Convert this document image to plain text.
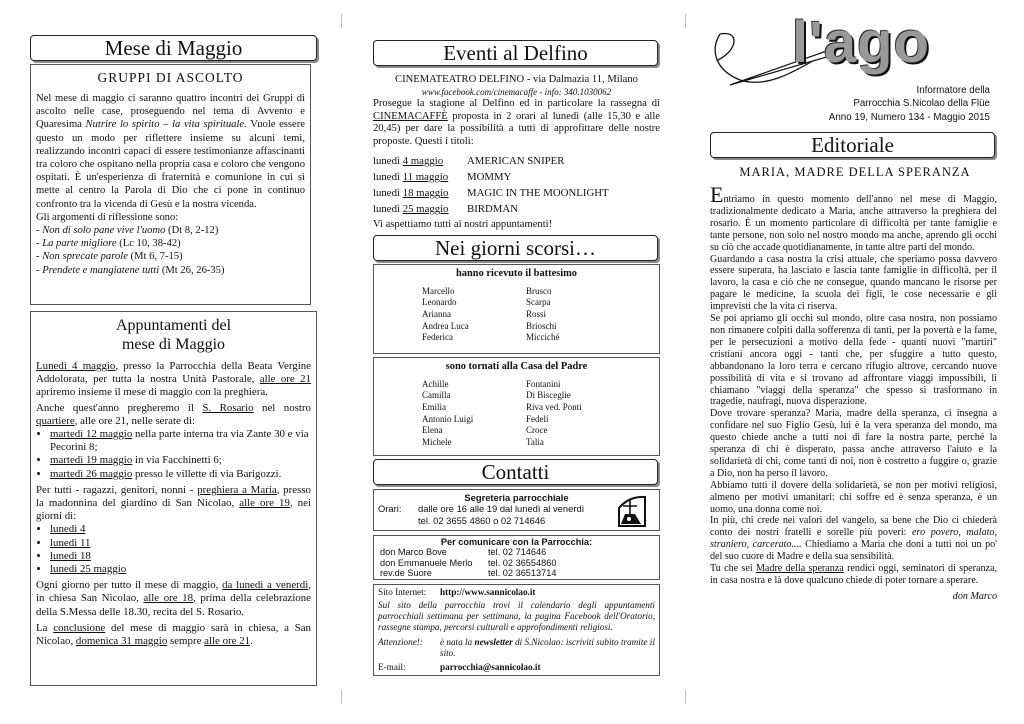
Mese di Maggio
GRUPPI DI ASCOLTO

Nel mese di maggio ci saranno quattro incontri dei Gruppi di ascolto nelle case, proseguendo nel tema di Avvento e Quaresima Nutrire lo spirito – la vita spirituale. Vuole essere questo un modo per riflettere insieme su alcuni temi, realizzando incontri capaci di essere testimonianze affascinanti tra coloro che ospitano nella propria casa e coloro che vengono ospitati. È un'esperienza di fraternità e comunione in cui si mette al centro la Parola di Dio che ci pone in continuo confronto tra la vicenda di Gesù e la nostra vicenda.

Gli argomenti di riflessione sono:

- Non di solo pane vive l'uomo (Dt 8, 2-12)
- La parte migliore (Lc 10, 38-42)
- Non sprecate parole (Mt 6, 7-15)
- Prendete e mangiatene tutti (Mt 26, 26-35)
Appuntamenti del
mese di Maggio

Lunedì 4 maggio, presso la Parrocchia della Beata Vergine Addolorata, per tutta la nostra Unità Pastorale, alle ore 21 apriremo insieme il mese di maggio con la preghiera.

Anche quest'anno pregheremo il S. Rosario nel nostro quartiere, alle ore 21, nelle serate di:

• martedì 12 maggio nella parte interna tra via Zante 30 e via Pecorini 8;
• martedì 19 maggio in via Facchinetti 6;
• martedì 26 maggio presso le villette di via Barigozzi.

Per tutti - ragazzi, genitori, nonni - preghiera a Maria, presso la madonnina del giardino di San Nicolao, alle ore 19, nei giorni di:

• lunedì 4
• lunedì 11
• lunedì 18
• lunedì 25 maggio

Ogni giorno per tutto il mese di maggio, da lunedì a venerdì, in chiesa San Nicolao, alle ore 18, prima della celebrazione della S.Messa delle 18.30, recita del S. Rosario.

La conclusione del mese di maggio sarà in chiesa, a San Nicolao, domenica 31 maggio sempre alle ore 21.

Eventi al Delfino
CINEMATEATRO DELFINO - via Dalmazia 11, Milano
www.facebook.com/cinemacaffe - info: 340.1030062

Prosegue la stagione al Delfino ed in particolare la rassegna di CINEMACAFFÈ proposta in 2 orari al lunedì (alle 15,30 e alle 20,45) per dare la possibilità a tutti di approfittare delle nostre proposte. Questi i titoli:

lunedì 4 maggio	AMERICAN SNIPER
lunedì 11 maggio	MOMMY
lunedì 18 maggio	MAGIC IN THE MOONLIGHT
lunedì 25 maggio	BIRDMAN
Vi aspettiamo tutti ai nostri appuntamenti!
Nei giorni scorsi…
hanno ricevuto il battesimo
Marcello	Brusco
Leonardo	Scarpa
Arianna	Rossi
Andrea Luca	Brioschi
Federica	Micciché
sono tornati alla Casa del Padre
Achille	Fontanini
Camilla	Di Bisceglie
Emilia	Riva ved. Ponti
Antonio Luigi	Fedeli
Elena	Croce
Michele	Talia
Contatti
Segreteria parrocchiale
Orari:	dalle ore 16 alle 19 dal lunedì al venerdì
tel. 02 3655 4860 o 02 714646
Per comunicare con la Parrocchia:
don Marco Bove	tel. 02 714646
don Emmanuele Merlo	tel. 02 36554860
rev.de Suore	tel. 02 36513714
Sito Internet: http://www.sannicolao.it

Sul sito della parrocchia trovi il calendario degli appuntamenti parrocchiali settimana per settimana, la pagina Facebook dell'Oratorio, rassegne stampa, percorsi culturali e approfondimenti religiosi.

Attenzione!:	è nata la newsletter di S.Nicolao: iscriviti subito tramite il sito.
E-mail:	parrocchia@sannicolao.it
l'ago
Informatore della
Parrocchia S.Nicolao della Flüe
Anno 19, Numero 134 - Maggio 2015
Editoriale
MARIA, MADRE DELLA SPERANZA

Entriamo in questo momento dell'anno nel mese di Maggio, tradizionalmente dedicato a Maria, anche attraverso la preghiera del rosario. È un momento particolare di difficoltà per tante famiglie e tante persone, non solo nel nostro mondo ma anche, aprendo gli occhi su ciò che accade quotidianamente, in tante altre parti del mondo.

Guardando a casa nostra la crisi attuale, che speriamo possa davvero essere superata, ha lasciato e lascia tante famiglie in difficoltà, per il lavoro, la casa e ciò che ne consegue, quando mancano le risorse per pagare le medicine, la scuola dei figli, le cose necessarie e gli imprevisti che la vita ci riserva.

Se poi apriamo gli occhi sul mondo, oltre casa nostra, non possiamo non rimanere colpiti dalla sofferenza di tanti, per la povertà e la fame, per le persecuzioni a motivo della fede - quanti nuovi "martiri" cristiani ancora oggi - tanti che, per sfuggire a tutto questo, abbandonano la loro terra e cercano rifugio altrove, cercando nuove possibilità di vita e si trovano ad affrontare viaggi impossibili, li chiamano "viaggi della speranza" che spesso si trasformano in tragedie, naufragi, nuova disperazione.

Dove trovare speranza? Maria, madre della speranza, ci insegna a confidare nel suo Figlio Gesù, lui è la vera speranza del mondo, ma questo chiede anche a tutti noi di fare la nostra parte, perché la speranza di chi è disperato, passa anche attraverso l'aiuto e la solidarietà di chi, come tanti di noi, non è costretto a fuggire o, grazie a Dio, non ha perso il lavoro.

Abbiamo tutti il dovere della solidarietà, se non per motivi religiosi, almeno per motivi umanitari: chi soffre ed è senza speranza, è un uomo, una donna come noi.

In più, chi crede nei valori del vangelo, sa bene che Dio ci chiederà conto dei nostri fratelli e sorelle più poveri: ero povero, malato, straniero, carcerato.... Chiediamo a Maria che doni a tutti noi un po' del suo cuore di Madre e della sua sensibilità.

Tu che sei Madre della speranza rendici oggi, seminatori di speranza, in casa nostra e là dove qualcuno chiede di poter tornare a sperare.

don Marco
